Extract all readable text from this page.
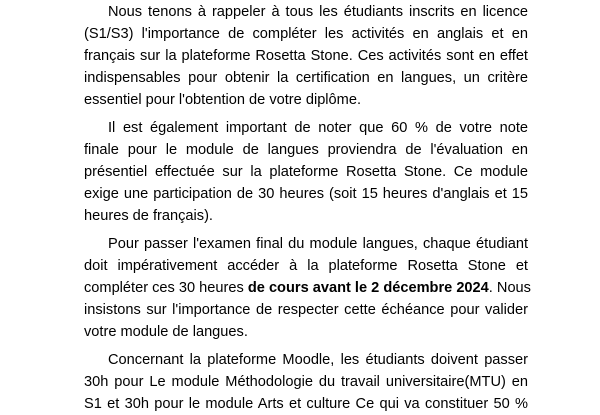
Nous tenons à rappeler à tous les étudiants inscrits en licence
(S1/S3) l'importance de compléter les activités en anglais et en
français sur la plateforme Rosetta Stone. Ces activités sont en effet
indispensables pour obtenir la certification en langues, un critère
essentiel pour l'obtention de votre diplôme.
Il est également important de noter que 60 % de votre note
finale pour le module de langues proviendra de l'évaluation en
présentiel effectuée sur la plateforme Rosetta Stone. Ce module
exige une participation de 30 heures (soit 15 heures d'anglais et 15
heures de français).
Pour passer l'examen final du module langues, chaque étudiant
doit impérativement accéder à la plateforme Rosetta Stone et
compléter ces 30 heures de cours avant le 2 décembre 2024. Nous
insistons sur l'importance de respecter cette échéance pour valider
votre module de langues.
Concernant la plateforme Moodle, les étudiants doivent passer
30h pour Le module Méthodologie du travail universitaire(MTU) en
S1 et 30h pour le module Arts et culture Ce qui va constituer 50 %
